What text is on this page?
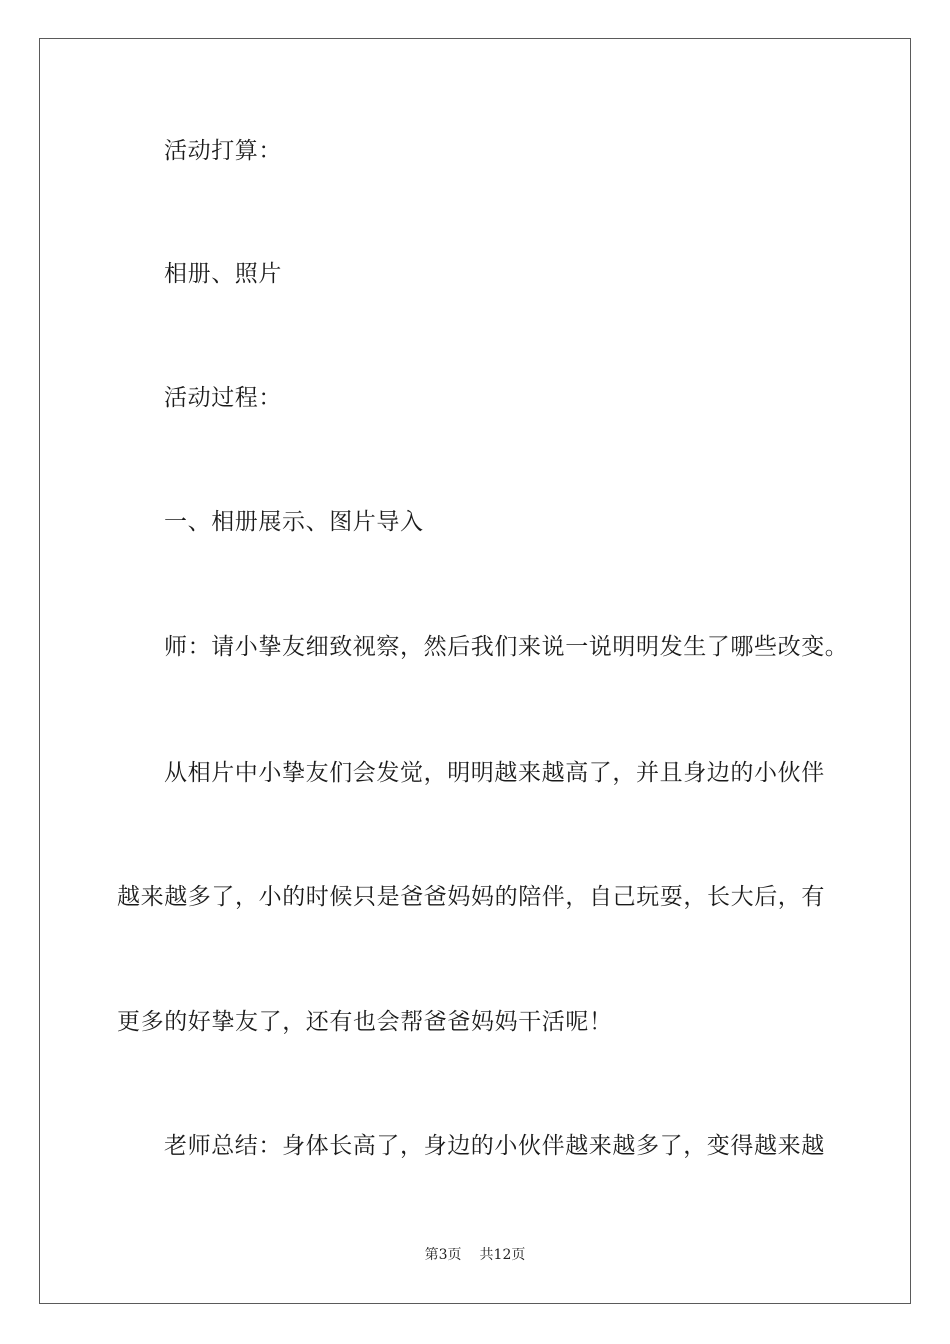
活动打算：
相册、照片
活动过程：
一、相册展示、图片导入
师：请小挚友细致视察，然后我们来说一说明明发生了哪些改变。
从相片中小挚友们会发觉，明明越来越高了，并且身边的小伙伴
越来越多了，小的时候只是爸爸妈妈的陪伴，自己玩耍，长大后，有
更多的好挚友了，还有也会帮爸爸妈妈干活呢！
老师总结：身体长高了，身边的小伙伴越来越多了，变得越来越
第3页 共12页
